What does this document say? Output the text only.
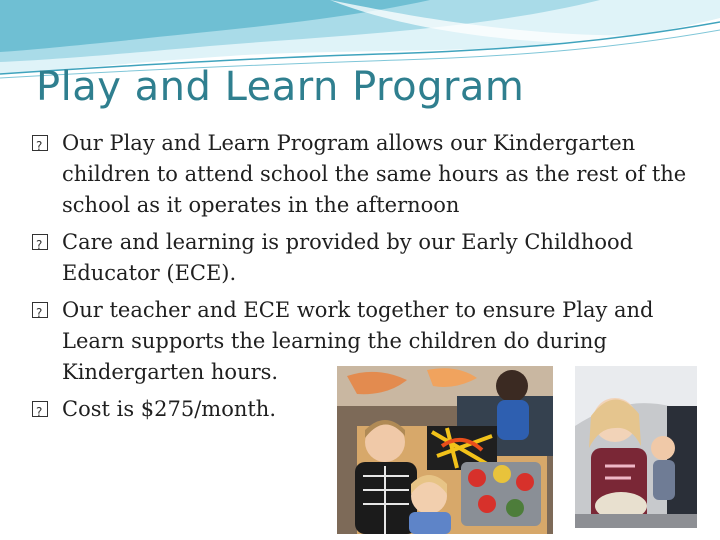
Play and Learn Program
?
Our Play and Learn Program allows our Kindergarten children to attend school the same hours as the rest of the school as it operates in the afternoon
?
Care and learning is provided by our Early Childhood Educator (ECE).
?
Our teacher and ECE work together to ensure Play and Learn supports the learning the children do during Kindergarten hours.
?
Cost is $275/month.
